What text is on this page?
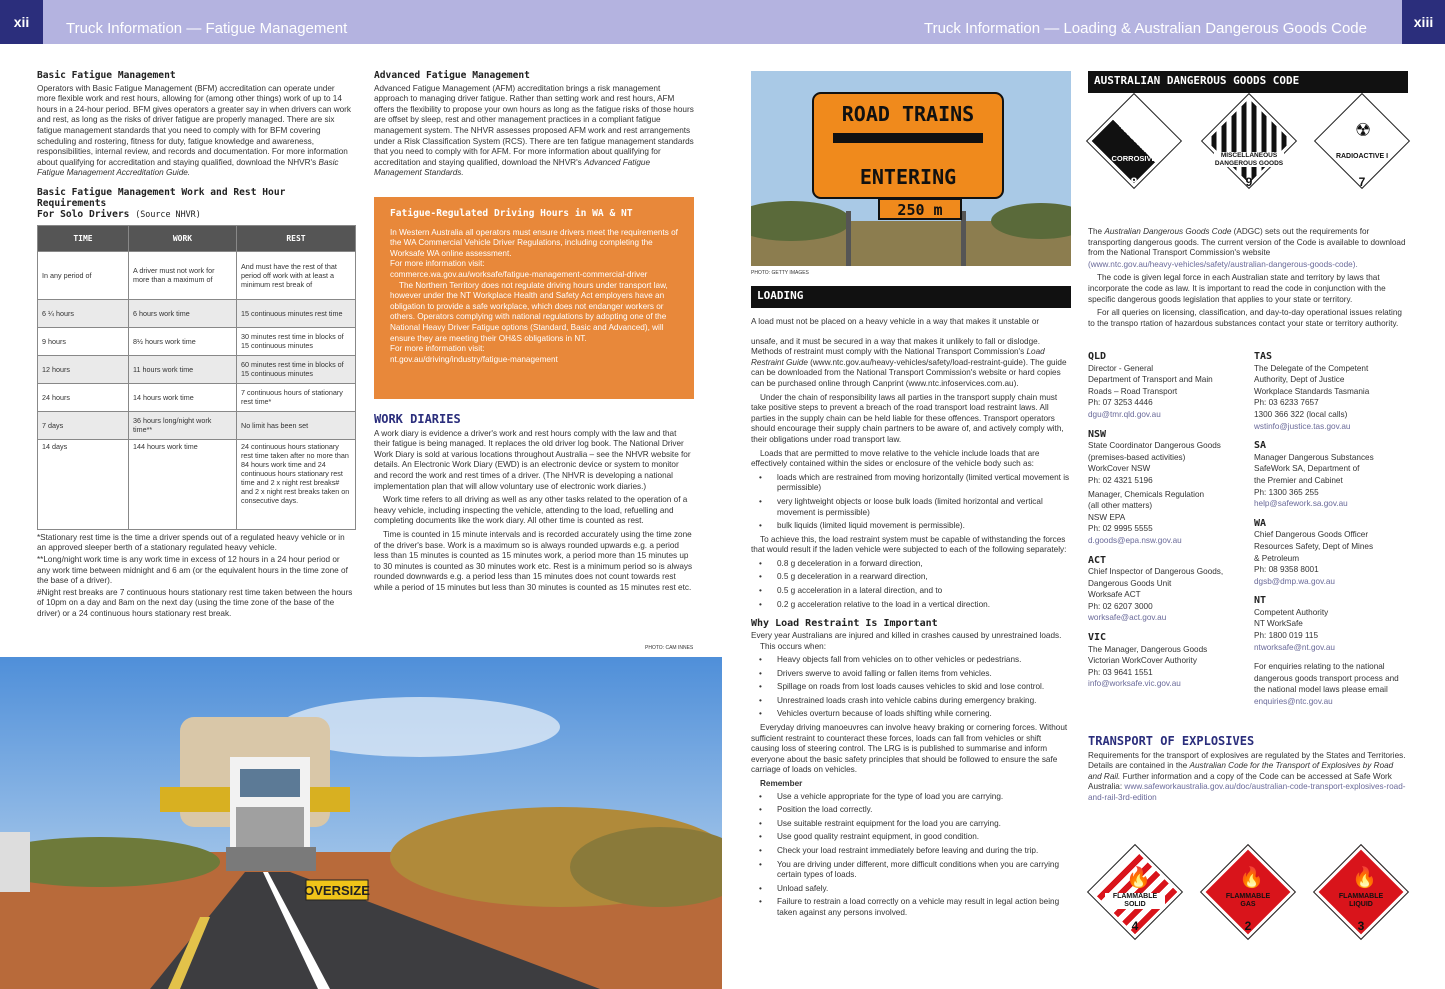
xii	xiii
Truck Information — Fatigue Management	Truck Information — Loading & Australian Dangerous Goods Code
Basic Fatigue Management

Operators with Basic Fatigue Management (BFM) accreditation can operate under more flexible work and rest hours, allowing for (among other things) work of up to 14 hours in a 24-hour period. BFM gives operators a greater say in when drivers can work and rest, as long as the risks of driver fatigue are properly managed. There are six fatigue management standards that you need to comply with for BFM covering scheduling and rostering, fitness for duty, fatigue knowledge and awareness, responsibilities, internal review, and records and documentation. For more information about qualifying for accreditation and staying qualified, download the NHVR's Basic Fatigue Management Accreditation Guide.

Basic Fatigue Management Work and Rest Hour Requirements
For Solo Drivers (Source NHVR)
TIME	WORK	REST
In any period of	A driver must not work for more than a maximum of	And must have the rest of that period off work with at least a minimum rest break of
6 ¼ hours	6 hours work time	15 continuous minutes rest time
9 hours	8½ hours work time	30 minutes rest time in blocks of 15 continuous minutes
12 hours	11 hours work time	60 minutes rest time in blocks of 15 continuous minutes
24 hours	14 hours work time	7 continuous hours of stationary rest time*
7 days	36 hours long/night work time**	No limit has been set
14 days	144 hours work time	24 continuous hours stationary rest time taken after no more than 84 hours work time and 24 continuous hours stationary rest time and 2 x night rest breaks# and 2 x night rest breaks taken on consecutive days.

*Stationary rest time is the time a driver spends out of a regulated heavy vehicle or in an approved sleeper berth of a stationary regulated heavy vehicle.

**Long/night work time is any work time in excess of 12 hours in a 24 hour period or any work time between midnight and 6 am (or the equivalent hours in the time zone of the base of a driver).

#Night rest breaks are 7 continuous hours stationary rest time taken between the hours of 10pm on a day and 8am on the next day (using the time zone of the base of the driver) or a 24 continuous hours stationary rest break.

Advanced Fatigue Management

Advanced Fatigue Management (AFM) accreditation brings a risk management approach to managing driver fatigue. Rather than setting work and rest hours, AFM offers the flexibility to propose your own hours as long as the fatigue risks of those hours are offset by sleep, rest and other management practices in a compliant fatigue management system. The NHVR assesses proposed AFM work and rest arrangements under a Risk Classification System (RCS). There are ten fatigue management standards that you need to comply with for AFM. For more information about qualifying for accreditation and staying qualified, download the NHVR's Advanced Fatigue Management Standards.

Fatigue-Regulated Driving Hours in WA & NT

In Western Australia all operators must ensure drivers meet the requirements of the WA Commercial Vehicle Driver Regulations, including completing the Worksafe WA online assessment.

For more information visit:

commerce.wa.gov.au/worksafe/fatigue-management-commercial-driver

The Northern Territory does not regulate driving hours under transport law, however under the NT Workplace Health and Safety Act employers have an obligation to provide a safe workplace, which does not endanger workers or others. Operators complying with national regulations by adopting one of the National Heavy Driver Fatigue options (Standard, Basic and Advanced), will ensure they are meeting their OH&S obligations in NT.

For more information visit:

nt.gov.au/driving/industry/fatigue-management

WORK DIARIES

A work diary is evidence a driver's work and rest hours comply with the law and that their fatigue is being managed. It replaces the old driver log book. The National Driver Work Diary is sold at various locations throughout Australia – see the NHVR website for details. An Electronic Work Diary (EWD) is an electronic device or system to monitor and record the work and rest times of a driver. (The NHVR is developing a national implementation plan that will allow voluntary use of electronic work diaries.)

Work time refers to all driving as well as any other tasks related to the operation of a heavy vehicle, including inspecting the vehicle, attending to the load, refuelling and completing documents like the work diary. All other time is counted as rest.

Time is counted in 15 minute intervals and is recorded accurately using the time zone of the driver's base. Work is a maximum so is always rounded upwards e.g. a period less than 15 minutes is counted as 15 minutes work, a period more than 15 minutes up to 30 minutes is counted as 30 minutes work etc. Rest is a minimum period so is always rounded downwards e.g. a period less than 15 minutes does not count towards rest while a period of 15 minutes but less than 30 minutes is counted as 15 minutes rest etc.

PHOTO: CAM INNES
OVERSIZE
ROAD TRAINS
ENTERING
250 m
PHOTO: GETTY IMAGES
LOADING

A load must not be placed on a heavy vehicle in a way that makes it unstable or

unsafe, and it must be secured in a way that makes it unlikely to fall or dislodge. Methods of restraint must comply with the National Transport Commission's Load Restraint Guide (www.ntc.gov.au/heavy-vehicles/safety/load-restraint-guide). The guide can be downloaded from the National Transport Commission's website or hard copies can be purchased online through Canprint (www.ntc.infoservices.com.au).

Under the chain of responsibility laws all parties in the transport supply chain must take positive steps to prevent a breach of the road transport load restraint laws. All parties in the supply chain can be held liable for these offences. Transport operators should encourage their supply chain partners to be aware of, and actively comply with, their obligations under road transport law.

Loads that are permitted to move relative to the vehicle include loads that are effectively contained within the sides or enclosure of the vehicle body such as:

• loads which are restrained from moving horizontally (limited vertical movement is permissible)
• very lightweight objects or loose bulk loads (limited horizontal and vertical movement is permissible)
• bulk liquids (limited liquid movement is permissible).

To achieve this, the load restraint system must be capable of withstanding the forces that would result if the laden vehicle were subjected to each of the following separately:

• 0.8 g deceleration in a forward direction,
• 0.5 g deceleration in a rearward direction,
• 0.5 g acceleration in a lateral direction, and to
• 0.2 g acceleration relative to the load in a vertical direction.
Why Load Restraint Is Important

Every year Australians are injured and killed in crashes caused by unrestrained loads.

This occurs when:

• Heavy objects fall from vehicles on to other vehicles or pedestrians.
• Drivers swerve to avoid falling or fallen items from vehicles.
• Spillage on roads from lost loads causes vehicles to skid and lose control.
• Unrestrained loads crash into vehicle cabins during emergency braking.
• Vehicles overturn because of loads shifting while cornering.

Everyday driving manoeuvres can involve heavy braking or cornering forces. Without sufficient restraint to counteract these forces, loads can fall from vehicles or shift causing loss of steering control. The LRG is is published to summarise and inform everyone about the basic safety principles that should be followed to ensure the safe carriage of loads on vehicles.

Remember

• Use a vehicle appropriate for the type of load you are carrying.
• Position the load correctly.
• Use suitable restraint equipment for the load you are carrying.
• Use good quality restraint equipment, in good condition.
• Check your load restraint immediately before leaving and during the trip.
• You are driving under different, more difficult conditions when you are carrying certain types of loads.
• Unload safely.
• Failure to restrain a load correctly on a vehicle may result in legal action being taken against any persons involved.
AUSTRALIAN DANGEROUS GOODS CODE
CORROSIVE
8
MISCELLANEOUS DANGEROUS GOODS
9
☢
RADIOACTIVE I
7

The Australian Dangerous Goods Code (ADGC) sets out the requirements for transporting dangerous goods. The current version of the Code is available to download from the National Transport Commission's website

(www.ntc.gov.au/heavy-vehicles/safety/australian-dangerous-goods-code).

The code is given legal force in each Australian state and territory by laws that incorporate the code as law. It is important to read the code in conjunction with the specific dangerous goods legislation that applies to your state or territory.

For all queries on licensing, classification, and day-to-day operational issues relating to the transpo rtation of hazardous substances contact your state or territory authority.

QLD

Director - General

Department of Transport and Main

Roads – Road Transport

Ph: 07 3253 4446

dgu@tmr.qld.gov.au

NSW

State Coordinator Dangerous Goods

(premises-based activities)

WorkCover NSW

Ph: 02 4321 5196

Manager, Chemicals Regulation

(all other matters)

NSW EPA

Ph: 02 9995 5555

d.goods@epa.nsw.gov.au

ACT

Chief Inspector of Dangerous Goods,

Dangerous Goods Unit

Worksafe ACT

Ph: 02 6207 3000

worksafe@act.gov.au

VIC

The Manager, Dangerous Goods

Victorian WorkCover Authority

Ph: 03 9641 1551

info@worksafe.vic.gov.au

TAS

The Delegate of the Competent

Authority, Dept of Justice

Workplace Standards Tasmania

Ph: 03 6233 7657

1300 366 322 (local calls)

wstinfo@justice.tas.gov.au

SA

Manager Dangerous Substances

SafeWork SA, Department of

the Premier and Cabinet

Ph: 1300 365 255

help@safework.sa.gov.au

WA

Chief Dangerous Goods Officer

Resources Safety, Dept of Mines

& Petroleum

Ph: 08 9358 8001

dgsb@dmp.wa.gov.au

NT

Competent Authority

NT WorkSafe

Ph: 1800 019 115

ntworksafe@nt.gov.au

For enquiries relating to the national

dangerous goods transport process and

the national model laws please email

enquiries@ntc.gov.au

TRANSPORT OF EXPLOSIVES

Requirements for the transport of explosives are regulated by the States and Territories. Details are contained in the Australian Code for the Transport of Explosives by Road and Rail. Further information and a copy of the Code can be accessed at Safe Work Australia: www.safeworkaustralia.gov.au/doc/australian-code-transport-explosives-road-and-rail-3rd-edition

🔥
FLAMMABLE SOLID
4
🔥
FLAMMABLE GAS
2
🔥
FLAMMABLE LIQUID
3
